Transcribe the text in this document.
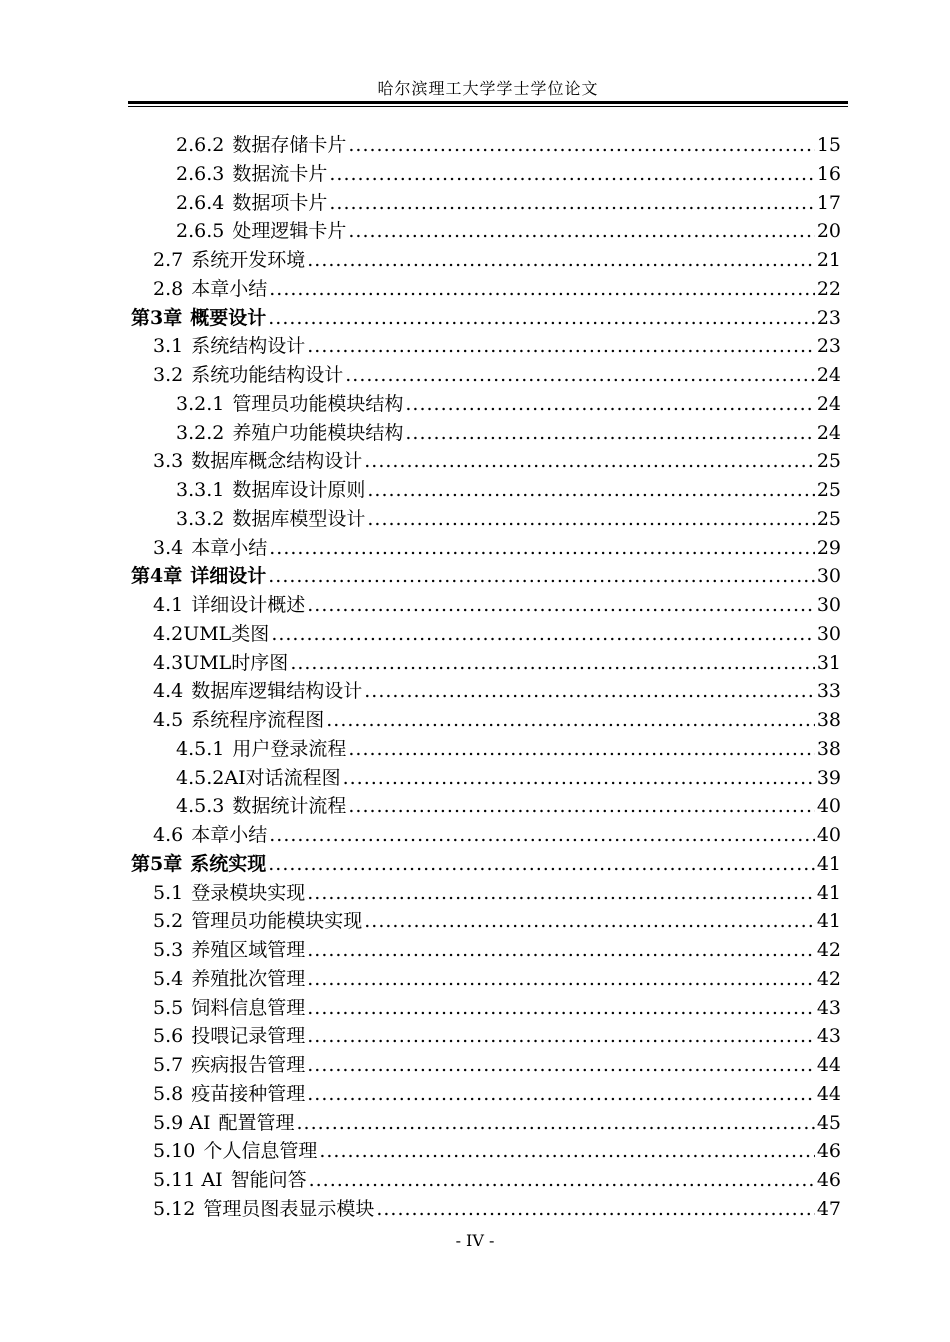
哈尔滨理工大学学士学位论文
2.6.2 数据存储卡片 .....	15
2.6.3 数据流卡片 .....	16
2.6.4 数据项卡片 .....	17
2.6.5 处理逻辑卡片 .....	20
2.7 系统开发环境 .....	21
2.8 本章小结 .....	22
第3章 概要设计 .....	23
3.1 系统结构设计 .....	23
3.2 系统功能结构设计 .....	24
3.2.1 管理员功能模块结构 .....	24
3.2.2 养殖户功能模块结构 .....	24
3.3 数据库概念结构设计 .....	25
3.3.1 数据库设计原则 .....	25
3.3.2 数据库模型设计 .....	25
3.4 本章小结 .....	29
第4章 详细设计 .....	30
4.1 详细设计概述 .....	30
4.2 UML类图 .....	30
4.3 UML时序图 .....	31
4.4 数据库逻辑结构设计 .....	33
4.5 系统程序流程图 .....	38
4.5.1 用户登录流程 .....	38
4.5.2 AI对话流程图 .....	39
4.5.3 数据统计流程 .....	40
4.6 本章小结 .....	40
第5章 系统实现 .....	41
5.1 登录模块实现 .....	41
5.2 管理员功能模块实现 .....	41
5.3 养殖区域管理 .....	42
5.4 养殖批次管理 .....	42
5.5 饲料信息管理 .....	43
5.6 投喂记录管理 .....	43
5.7 疾病报告管理 .....	44
5.8 疫苗接种管理 .....	44
5.9 AI 配置管理 .....	45
5.10 个人信息管理 .....	46
5.11 AI 智能问答 .....	46
5.12 管理员图表显示模块 .....	47
- IV -
